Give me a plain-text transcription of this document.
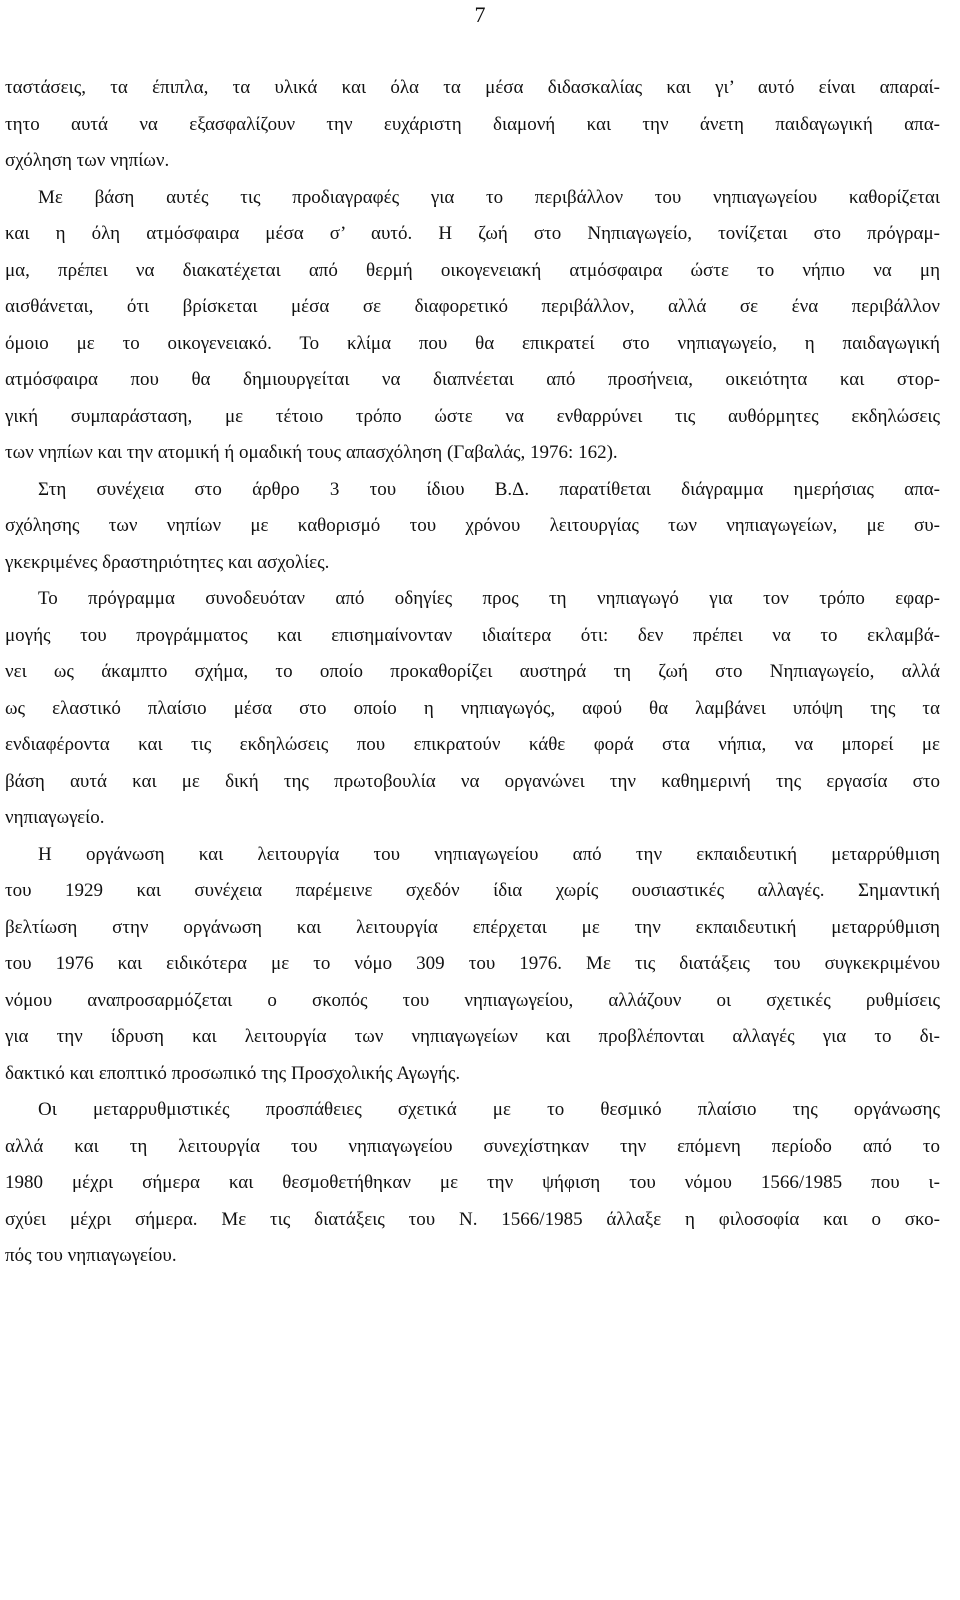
7
ταστάσεις, τα έπιπλα, τα υλικά και όλα τα μέσα διδασκαλίας και γι’ αυτό είναι απαραί-
τητο αυτά να εξασφαλίζουν την ευχάριστη διαμονή και την άνετη παιδαγωγική απα-
σχόληση των νηπίων.
Με βάση αυτές τις προδιαγραφές για το περιβάλλον του νηπιαγωγείου καθορίζεται
και η όλη ατμόσφαιρα μέσα σ’ αυτό. Η ζωή στο Νηπιαγωγείο, τονίζεται στο πρόγραμ-
μα, πρέπει να διακατέχεται από θερμή οικογενειακή ατμόσφαιρα ώστε το νήπιο να μη
αισθάνεται, ότι βρίσκεται μέσα σε διαφορετικό περιβάλλον, αλλά σε ένα περιβάλλον
όμοιο με το οικογενειακό. Το κλίμα που θα επικρατεί στο νηπιαγωγείο, η παιδαγωγική
ατμόσφαιρα που θα δημιουργείται να διαπνέεται από προσήνεια, οικειότητα και στορ-
γική συμπαράσταση, με τέτοιο τρόπο ώστε να ενθαρρύνει τις αυθόρμητες εκδηλώσεις
των νηπίων και την ατομική ή ομαδική τους απασχόληση (Γαβαλάς, 1976: 162).
Στη συνέχεια στο άρθρο 3 του ίδιου Β.Δ. παρατίθεται διάγραμμα ημερήσιας απα-
σχόλησης των νηπίων με καθορισμό του χρόνου λειτουργίας των νηπιαγωγείων, με συ-
γκεκριμένες δραστηριότητες και ασχολίες.
Το πρόγραμμα συνοδευόταν από οδηγίες προς τη νηπιαγωγό για τον τρόπο εφαρ-
μογής του προγράμματος και επισημαίνονταν ιδιαίτερα ότι: δεν πρέπει να το εκλαμβά-
νει ως άκαμπτο σχήμα, το οποίο προκαθορίζει αυστηρά τη ζωή στο Νηπιαγωγείο, αλλά
ως ελαστικό πλαίσιο μέσα στο οποίο η νηπιαγωγός, αφού θα λαμβάνει υπόψη της τα
ενδιαφέροντα και τις εκδηλώσεις που επικρατούν κάθε φορά στα νήπια, να μπορεί με
βάση αυτά και με δική της πρωτοβουλία να οργανώνει την καθημερινή της εργασία στο
νηπιαγωγείο.
Η οργάνωση και λειτουργία του νηπιαγωγείου από την εκπαιδευτική μεταρρύθμιση
του 1929 και συνέχεια παρέμεινε σχεδόν ίδια χωρίς ουσιαστικές αλλαγές. Σημαντική
βελτίωση στην οργάνωση και λειτουργία επέρχεται με την εκπαιδευτική μεταρρύθμιση
του 1976 και ειδικότερα με το νόμο 309 του 1976. Με τις διατάξεις του συγκεκριμένου
νόμου αναπροσαρμόζεται ο σκοπός του νηπιαγωγείου, αλλάζουν οι σχετικές ρυθμίσεις
για την ίδρυση και λειτουργία των νηπιαγωγείων και προβλέπονται αλλαγές για το δι-
δακτικό και εποπτικό προσωπικό της Προσχολικής Αγωγής.
Οι μεταρρυθμιστικές προσπάθειες σχετικά με το θεσμικό πλαίσιο της οργάνωσης
αλλά και τη λειτουργία του νηπιαγωγείου συνεχίστηκαν την επόμενη περίοδο από το
1980 μέχρι σήμερα και θεσμοθετήθηκαν με την ψήφιση του νόμου 1566/1985 που ι-
σχύει μέχρι σήμερα. Με τις διατάξεις του Ν. 1566/1985 άλλαξε η φιλοσοφία και ο σκο-
πός του νηπιαγωγείου.
